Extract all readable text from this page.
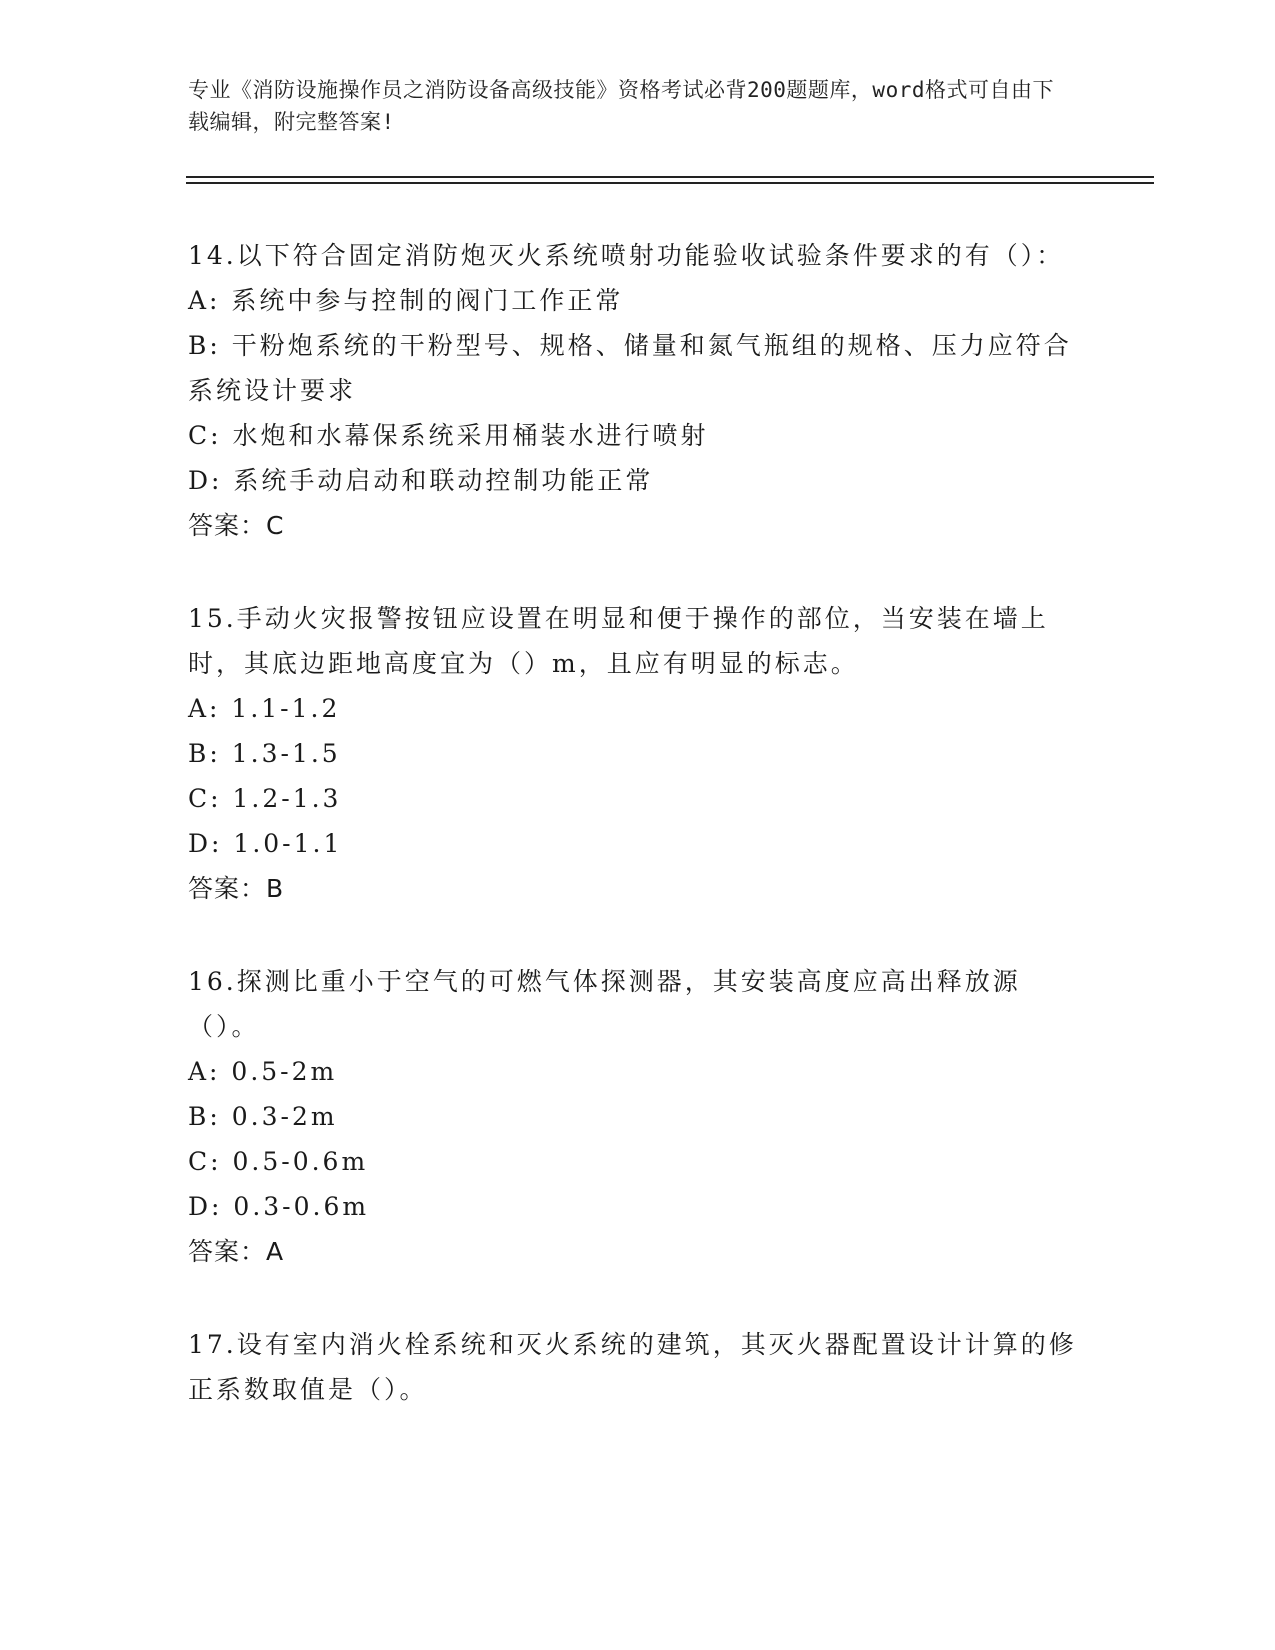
专业《消防设施操作员之消防设备高级技能》资格考试必背200题题库，word格式可自由下载编辑，附完整答案!

14.以下符合固定消防炮灭火系统喷射功能验收试验条件要求的有（）：

A: 系统中参与控制的阀门工作正常

B: 干粉炮系统的干粉型号、规格、储量和氮气瓶组的规格、压力应符合系统设计要求

C: 水炮和水幕保系统采用桶装水进行喷射

D: 系统手动启动和联动控制功能正常

答案：C

15.手动火灾报警按钮应设置在明显和便于操作的部位，当安装在墙上时，其底边距地高度宜为（）m，且应有明显的标志。

A: 1.1-1.2

B: 1.3-1.5

C: 1.2-1.3

D: 1.0-1.1

答案：B

16.探测比重小于空气的可燃气体探测器，其安装高度应高出释放源（）。

A: 0.5-2m

B: 0.3-2m

C: 0.5-0.6m

D: 0.3-0.6m

答案：A

17.设有室内消火栓系统和灭火系统的建筑，其灭火器配置设计计算的修正系数取值是（）。
